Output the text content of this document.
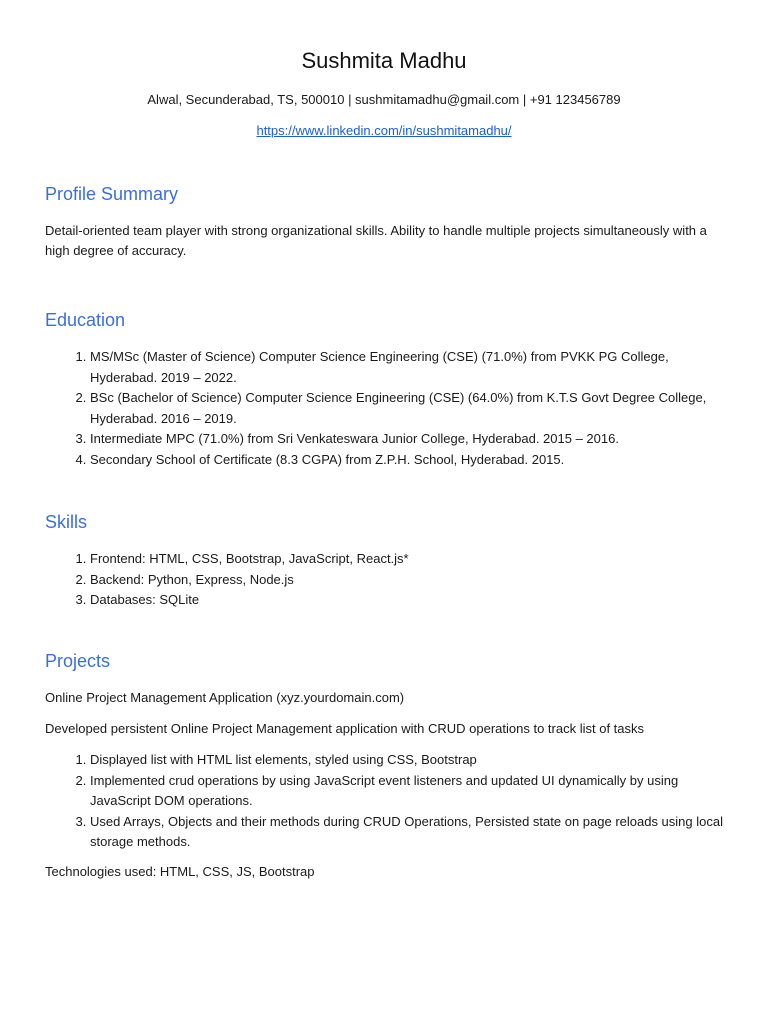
Sushmita Madhu
Alwal, Secunderabad, TS, 500010 | sushmitamadhu@gmail.com | +91 123456789
https://www.linkedin.com/in/sushmitamadhu/
Profile Summary
Detail-oriented team player with strong organizational skills. Ability to handle multiple projects simultaneously with a high degree of accuracy.
Education
1. MS/MSc (Master of Science) Computer Science Engineering (CSE) (71.0%) from PVKK PG College, Hyderabad. 2019 – 2022.
2. BSc (Bachelor of Science) Computer Science Engineering (CSE) (64.0%) from K.T.S Govt Degree College, Hyderabad. 2016 – 2019.
3. Intermediate MPC (71.0%) from Sri Venkateswara Junior College, Hyderabad. 2015 – 2016.
4. Secondary School of Certificate (8.3 CGPA) from Z.P.H. School, Hyderabad. 2015.
Skills
1. Frontend: HTML, CSS, Bootstrap, JavaScript, React.js*
2. Backend: Python, Express, Node.js
3. Databases: SQLite
Projects
Online Project Management Application (xyz.yourdomain.com)
Developed persistent Online Project Management application with CRUD operations to track list of tasks
1. Displayed list with HTML list elements, styled using CSS, Bootstrap
2. Implemented crud operations by using JavaScript event listeners and updated UI dynamically by using JavaScript DOM operations.
3. Used Arrays, Objects and their methods during CRUD Operations, Persisted state on page reloads using local storage methods.
Technologies used: HTML, CSS, JS, Bootstrap
